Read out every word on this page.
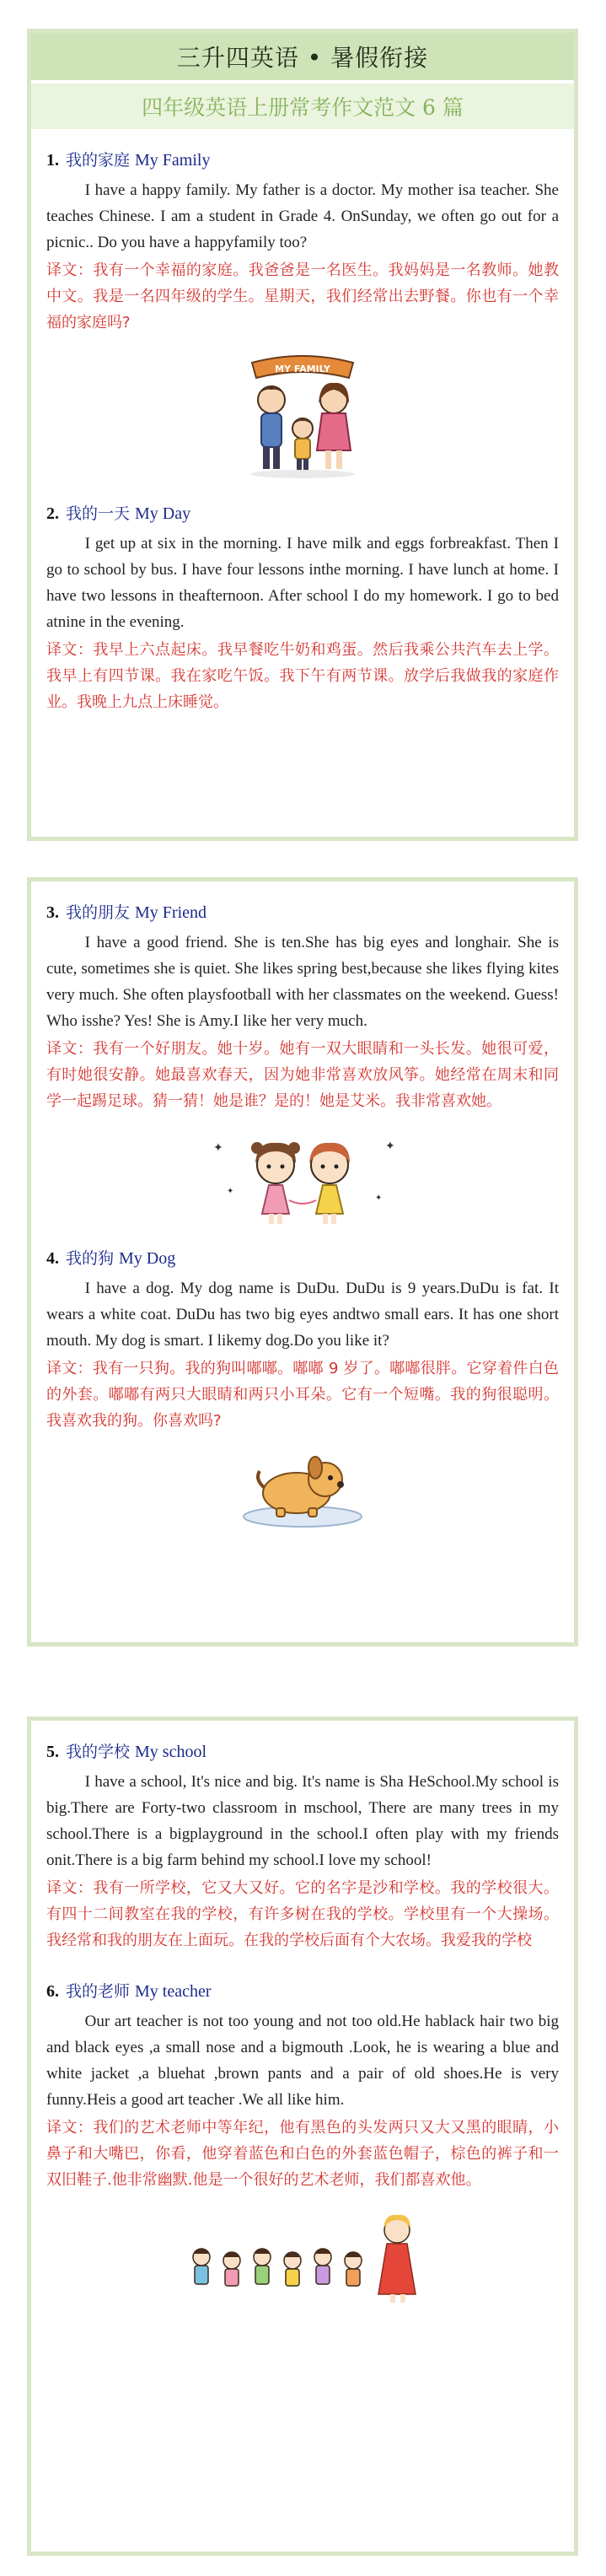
三升四英语 • 暑假衔接
四年级英语上册常考作文范文 6 篇
1. 我的家庭 My Family
I have a happy family. My father is a doctor. My mother isa teacher. She teaches Chinese. I am a student in Grade 4. OnSunday, we often go out for a picnic.. Do you have a happyfamily too?
译文：我有一个幸福的家庭。我爸爸是一名医生。我妈妈是一名教师。她教中文。我是一名四年级的学生。星期天，我们经常出去野餐。你也有一个幸福的家庭吗?
MY FAMILY
2. 我的一天 My Day
I get up at six in the morning. I have milk and eggs forbreakfast. Then I go to school by bus. I have four lessons inthe morning. I have lunch at home. I have two lessons in theafternoon. After school I do my homework. I go to bed atnine in the evening.
译文：我早上六点起床。我早餐吃牛奶和鸡蛋。然后我乘公共汽车去上学。我早上有四节课。我在家吃午饭。我下午有两节课。放学后我做我的家庭作业。我晚上九点上床睡觉。
3. 我的朋友 My Friend
I have a good friend. She is ten.She has big eyes and longhair. She is cute, sometimes she is quiet. She likes spring best,because she likes flying kites very much. She often playsfootball with her classmates on the weekend. Guess! Who isshe? Yes! She is Amy.I like her very much.
译文：我有一个好朋友。她十岁。她有一双大眼睛和一头长发。她很可爱，有时她很安静。她最喜欢春天，因为她非常喜欢放风筝。她经常在周末和同学一起踢足球。猜一猜！她是谁？是的！她是艾米。我非常喜欢她。
✦	✦
✦
✦
4. 我的狗 My Dog
I have a dog. My dog name is DuDu. DuDu is 9 years.DuDu is fat. It wears a white coat. DuDu has two big eyes andtwo small ears. It has one short mouth. My dog is smart. I likemy dog.Do you like it?
译文：我有一只狗。我的狗叫嘟嘟。嘟嘟 9 岁了。嘟嘟很胖。它穿着件白色的外套。嘟嘟有两只大眼睛和两只小耳朵。它有一个短嘴。我的狗很聪明。我喜欢我的狗。你喜欢吗?
5. 我的学校 My school
I have a school, It's nice and big. It's name is Sha HeSchool.My school is big.There are Forty-two classroom in mschool, There are many trees in my school.There is a bigplayground in the school.I often play with my friends onit.There is a big farm behind my school.I love my school!
译文：我有一所学校，它又大又好。它的名字是沙和学校。我的学校很大。有四十二间教室在我的学校，有许多树在我的学校。学校里有一个大操场。我经常和我的朋友在上面玩。在我的学校后面有个大农场。我爱我的学校
6. 我的老师 My teacher
Our art teacher is not too young and not too old.He hablack hair two big and black eyes ,a small nose and a bigmouth .Look, he is wearing a blue and white jacket ,a bluehat ,brown pants and a pair of old shoes.He is very funny.Heis a good art teacher .We all like him.
译文：我们的艺术老师中等年纪，他有黑色的头发两只又大又黑的眼睛，小鼻子和大嘴巴，你看，他穿着蓝色和白色的外套蓝色帽子，棕色的裤子和一双旧鞋子.他非常幽默.他是一个很好的艺术老师，我们都喜欢他。
